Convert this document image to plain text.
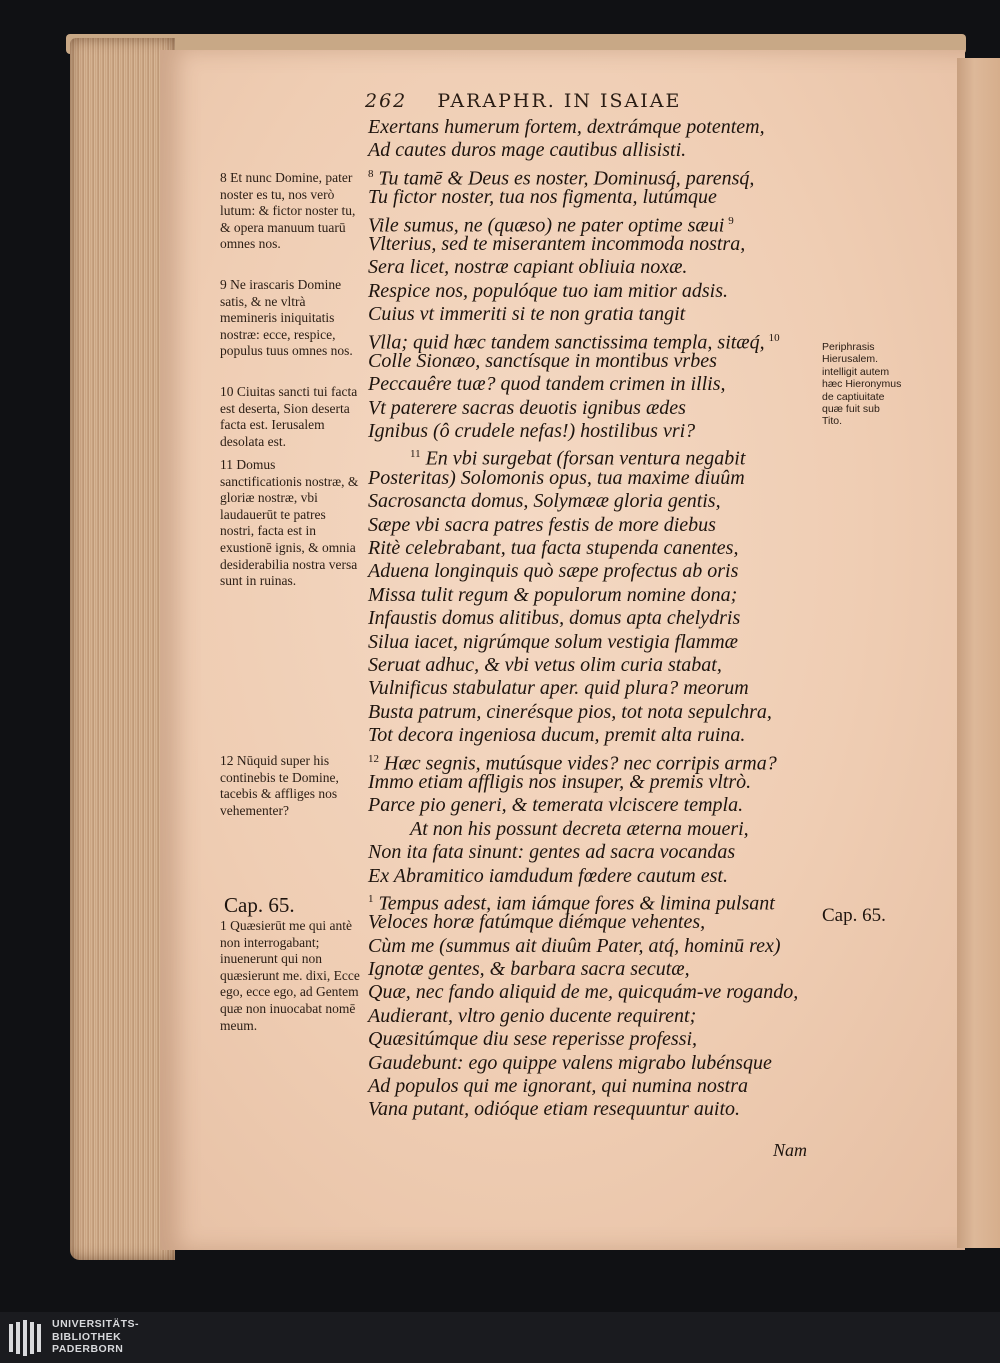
262 PARAPHR. IN ISAIAE
Exertans humerum fortem, dextrámque potentem,
Ad cautes duros mage cautibus allisisti.
$^8$ Tu tamē & Deus es noster, Dominusq́, parensq́,
Tu fictor noster, tua nos figmenta, lutúmque
Vile sumus, ne (quæso) ne pater optime sæui $^9$
Vlterius, sed te miserantem incommoda nostra,
Sera licet, nostræ capiant obliuia noxæ.
Respice nos, populóque tuo iam mitior adsis.
Cuius vt immeriti si te non gratia tangit
Vlla; quid hæc tandem sanctissima templa, sitæq́, $^{10}$
Colle Sionæo, sanctísque in montibus vrbes
Peccauêre tuæ? quod tandem crimen in illis,
Vt paterere sacras deuotis ignibus ædes
Ignibus (ô crudele nefas!) hostilibus vri?
$^{11}$ En vbi surgebat (forsan ventura negabit
Posteritas) Solomonis opus, tua maxime diuûm
Sacrosancta domus, Solymææ gloria gentis,
Sæpe vbi sacra patres festis de more diebus
Ritè celebrabant, tua facta stupenda canentes,
Aduena longinquis quò sæpe profectus ab oris
Missa tulit regum & populorum nomine dona;
Infaustis domus alitibus, domus apta chelydris
Silua iacet, nigrúmque solum vestigia flammæ
Seruat adhuc, & vbi vetus olim curia stabat,
Vulnificus stabulatur aper. quid plura? meorum
Busta patrum, cinerésque pios, tot nota sepulchra,
Tot decora ingeniosa ducum, premit alta ruina.
$^{12}$ Hæc segnis, mutúsque vides? nec corripis arma?
Immo etiam affligis nos insuper, & premis vltrò.
Parce pio generi, & temerata vlciscere templa.
At non his possunt decreta æterna moueri,
Non ita fata sinunt: gentes ad sacra vocandas
Ex Abramitico iamdudum fœdere cautum est.
$^1$ Tempus adest, iam iámque fores & limina pulsant
Veloces horæ fatúmque diémque vehentes,
Cùm me (summus ait diuûm Pater, atq́, hominū rex)
Ignotæ gentes, & barbara sacra secutæ,
Quæ, nec fando aliquid de me, quicquám-ve rogando,
Audierant, vltro genio ducente requirent;
Quæsitúmque diu sese reperisse professi,
Gaudebunt: ego quippe valens migrabo lubénsque
Ad populos qui me ignorant, qui numina nostra
Vana putant, odióque etiam resequuntur auito.

8 Et nunc Domine, pater noster es tu, nos verò lutum: & fictor noster tu, & opera manuum tuarū omnes nos.

9 Ne irascaris Domine satis, & ne vltrà memineris iniquitatis nostræ: ecce, respice, populus tuus omnes nos.

10 Ciuitas sancti tui facta est deserta, Sion deserta facta est. Ierusalem desolata est.

11 Domus sanctificationis nostræ, & gloriæ nostræ, vbi laudauerūt te patres nostri, facta est in exustionē ignis, & omnia desiderabilia nostra versa sunt in ruinas.

12 Nūquid super his continebis te Domine, tacebis & affliges nos vehementer?

Cap. 65.

1 Quæsierūt me qui antè non interrogabant; inuenerunt qui non quæsierunt me. dixi, Ecce ego, ecce ego, ad Gentem quæ non inuocabat nomē meum.

Periphrasis Hierusalem. intelligit autem hæc Hieronymus de captiuitate quæ fuit sub Tito.
Cap. 65.
Nam
UNIVERSITÄTS-
BIBLIOTHEK
PADERBORN
